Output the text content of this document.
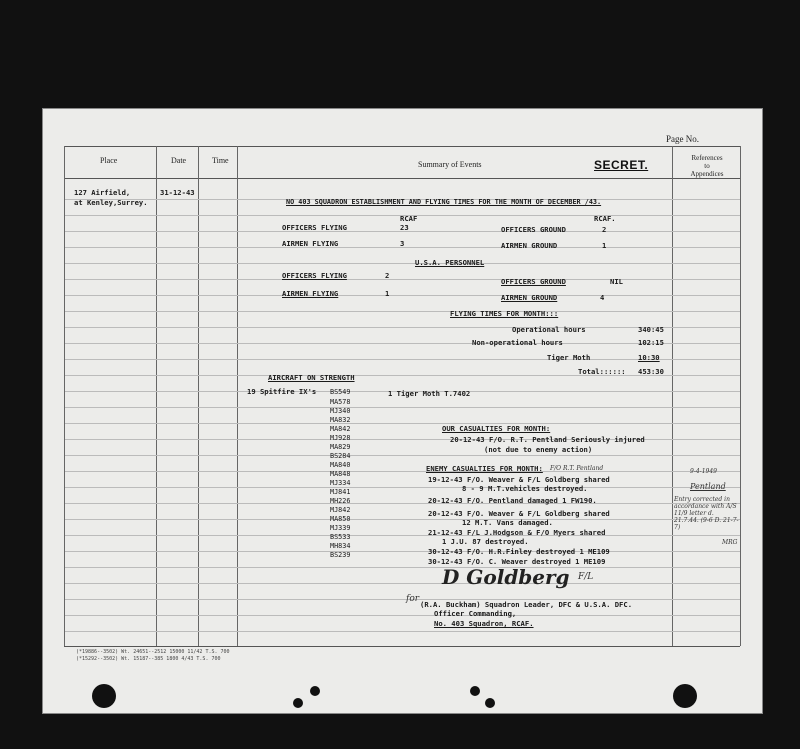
Page No.
Place	Date	Time	Summary of Events	SECRET.	References
to
Appendices
127 Airfield,
at Kenley,Surrey.
31-12-43
NO 403 SQUADRON ESTABLISHMENT AND FLYING TIMES FOR THE MONTH OF DECEMBER /43.
RCAF	RCAF.
OFFICERS FLYING	23	OFFICERS GROUND	2
AIRMEN FLYING	3	AIRMEN GROUND	1
U.S.A. PERSONNEL
OFFICERS FLYING	2
OFFICERS GROUND	NIL
AIRMEN FLYING	1	AIRMEN GROUND	4
FLYING TIMES FOR MONTH:::
Operational hours	340:45
Non-operational hours	102:15
Tiger Moth	10:30
Total:::::: 453:30
AIRCRAFT ON STRENGTH
19 Spitfire IX's	1 Tiger Moth T.7402
BS549
MA578
MJ340
MA832
MA842
MJ928
MA829
BS284
MA840
MA848
MJ334
MJ841
MH226
MJ842
MA850
MJ339
BS533
MH834
BS239
OUR CASUALTIES FOR MONTH:
20-12-43 F/O. R.T. Pentland Seriously injured
(not due to enemy action)
ENEMY CASUALTIES FOR MONTH: F/O R.T. Pentland
19-12-43 F/O. Weaver & F/L Goldberg shared
8 - 9 M.T.vehicles destroyed.
20-12-43 F/O. Pentland damaged 1 FW190.
20-12-43 F/O. Weaver & F/L Goldberg shared
12 M.T. Vans damaged.
21-12-43 F/L J.Hodgson & F/O Myers shared
1 J.U. 87 destroyed.
30-12-43 F/O. H.R.Finley destroyed 1 ME109
30-12-43 F/O. C. Weaver destroyed 1 ME109
D Goldberg F/L
for
(R.A. Buckham) Squadron Leader, DFC & U.S.A. DFC.
Officer Commanding,
No. 403 Squadron, RCAF.
9-4-1949
Pentland
Entry corrected in accordance with A/S 11/9 letter d. 21.7.44. (9-6 D. 21-7-7)
MRG
(*19886--3502) Wt. 24651--2512 15000 11/42 T.S. 700
(*15292--3502) Wt. 15187--385 1800 4/43 T.S. 700
